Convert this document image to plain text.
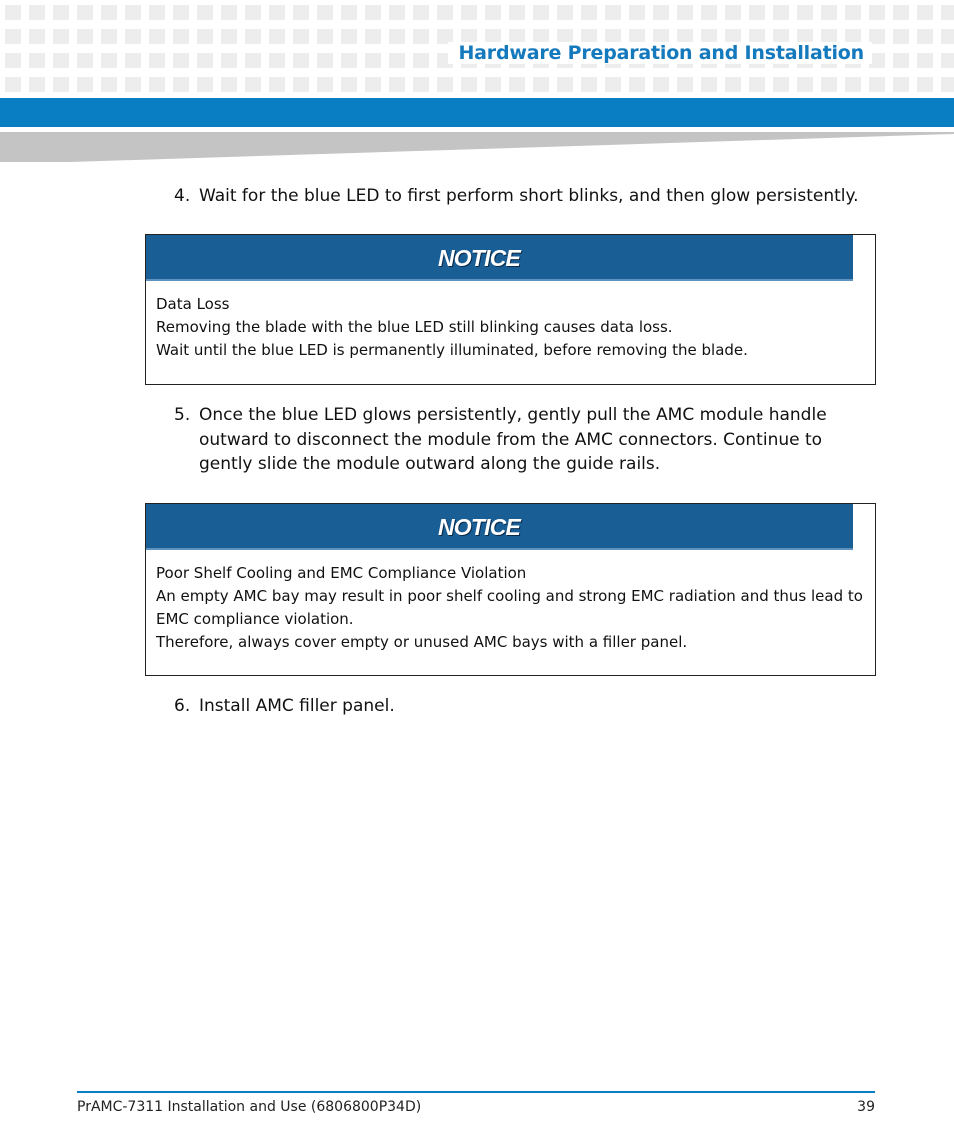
Hardware Preparation and Installation
4. Wait for the blue LED to first perform short blinks, and then glow persistently.
NOTICE
Data Loss
Removing the blade with the blue LED still blinking causes data loss.
Wait until the blue LED is permanently illuminated, before removing the blade.
5. Once the blue LED glows persistently, gently pull the AMC module handle outward to disconnect the module from the AMC connectors. Continue to gently slide the module outward along the guide rails.
NOTICE
Poor Shelf Cooling and EMC Compliance Violation
An empty AMC bay may result in poor shelf cooling and strong EMC radiation and thus lead to EMC compliance violation.
Therefore, always cover empty or unused AMC bays with a filler panel.
6. Install AMC filler panel.
PrAMC-7311 Installation and Use (6806800P34D)	39
